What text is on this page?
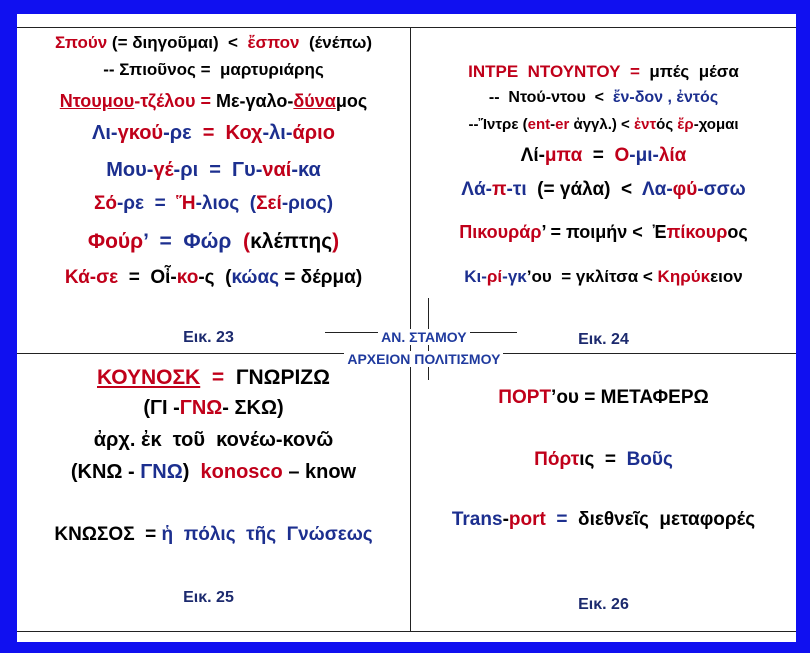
Σπούν (= διηγοῦμαι)  <  ἔσπον  (ένέπω)
-- Σπιοῦνος =  μαρτυριάρης
Ντουμου-τζέλου = Με-γαλο-δύναμος
Λι-γκού-ρε  =  Κοχ-λι-άριο
Μου-γέ-ρι  =  Γυ-ναί-κα
Σό-ρε  =  Ἥ-λιος  (Σεί-ριος)
Φούρ’  =  Φώρ  (κλέπτης)
Κά-σε  =  Οἶ-κο-ς  (κώας = δέρμα)
Εικ. 23
ΙΝΤΡΕ  ΝΤΟΥΝΤΟΥ  =  μπές  μέσα
--  Ντού-ντου  <  ἔν-δον , ἐντός
--Ἴντρε (ent-er ἀγγλ.) < ἐντός ἔρ-χομαι
Λί-μπα  =  Ο-μι-λία
Λά-π-τι  (= γάλα)  <  Λα-φύ-σσω
Πικουράρ’ = ποιμήν <  Ἐπίκουρος
Κι-ρί-γκ’ου  = γκλίτσα < Κηρύκειον
Εικ. 24
ΚΟΥΝΟΣΚ  =  ΓΝΩΡΙΖΩ
(ΓΙ -ΓΝΩ- ΣΚΩ)
ἀρχ. ἐκ  τοῦ  κονέω-κονῶ
(ΚΝΩ - ΓΝΩ)  konosco – know
ΚΝΩΣΟΣ  = ἡ  πόλις  τῆς  Γνώσεως
Εικ. 25
ΠΟΡΤ’ου = ΜΕΤΑΦΕΡΩ
Πόρτις  =  Βοῦς
Trans-port  =  διεθνεῖς  μεταφορές
Εικ. 26

ΑΝ. ΣΤΑΜΟΥ

ΑΡΧΕΙΟΝ ΠΟΛΙΤΙΣΜΟΥ
